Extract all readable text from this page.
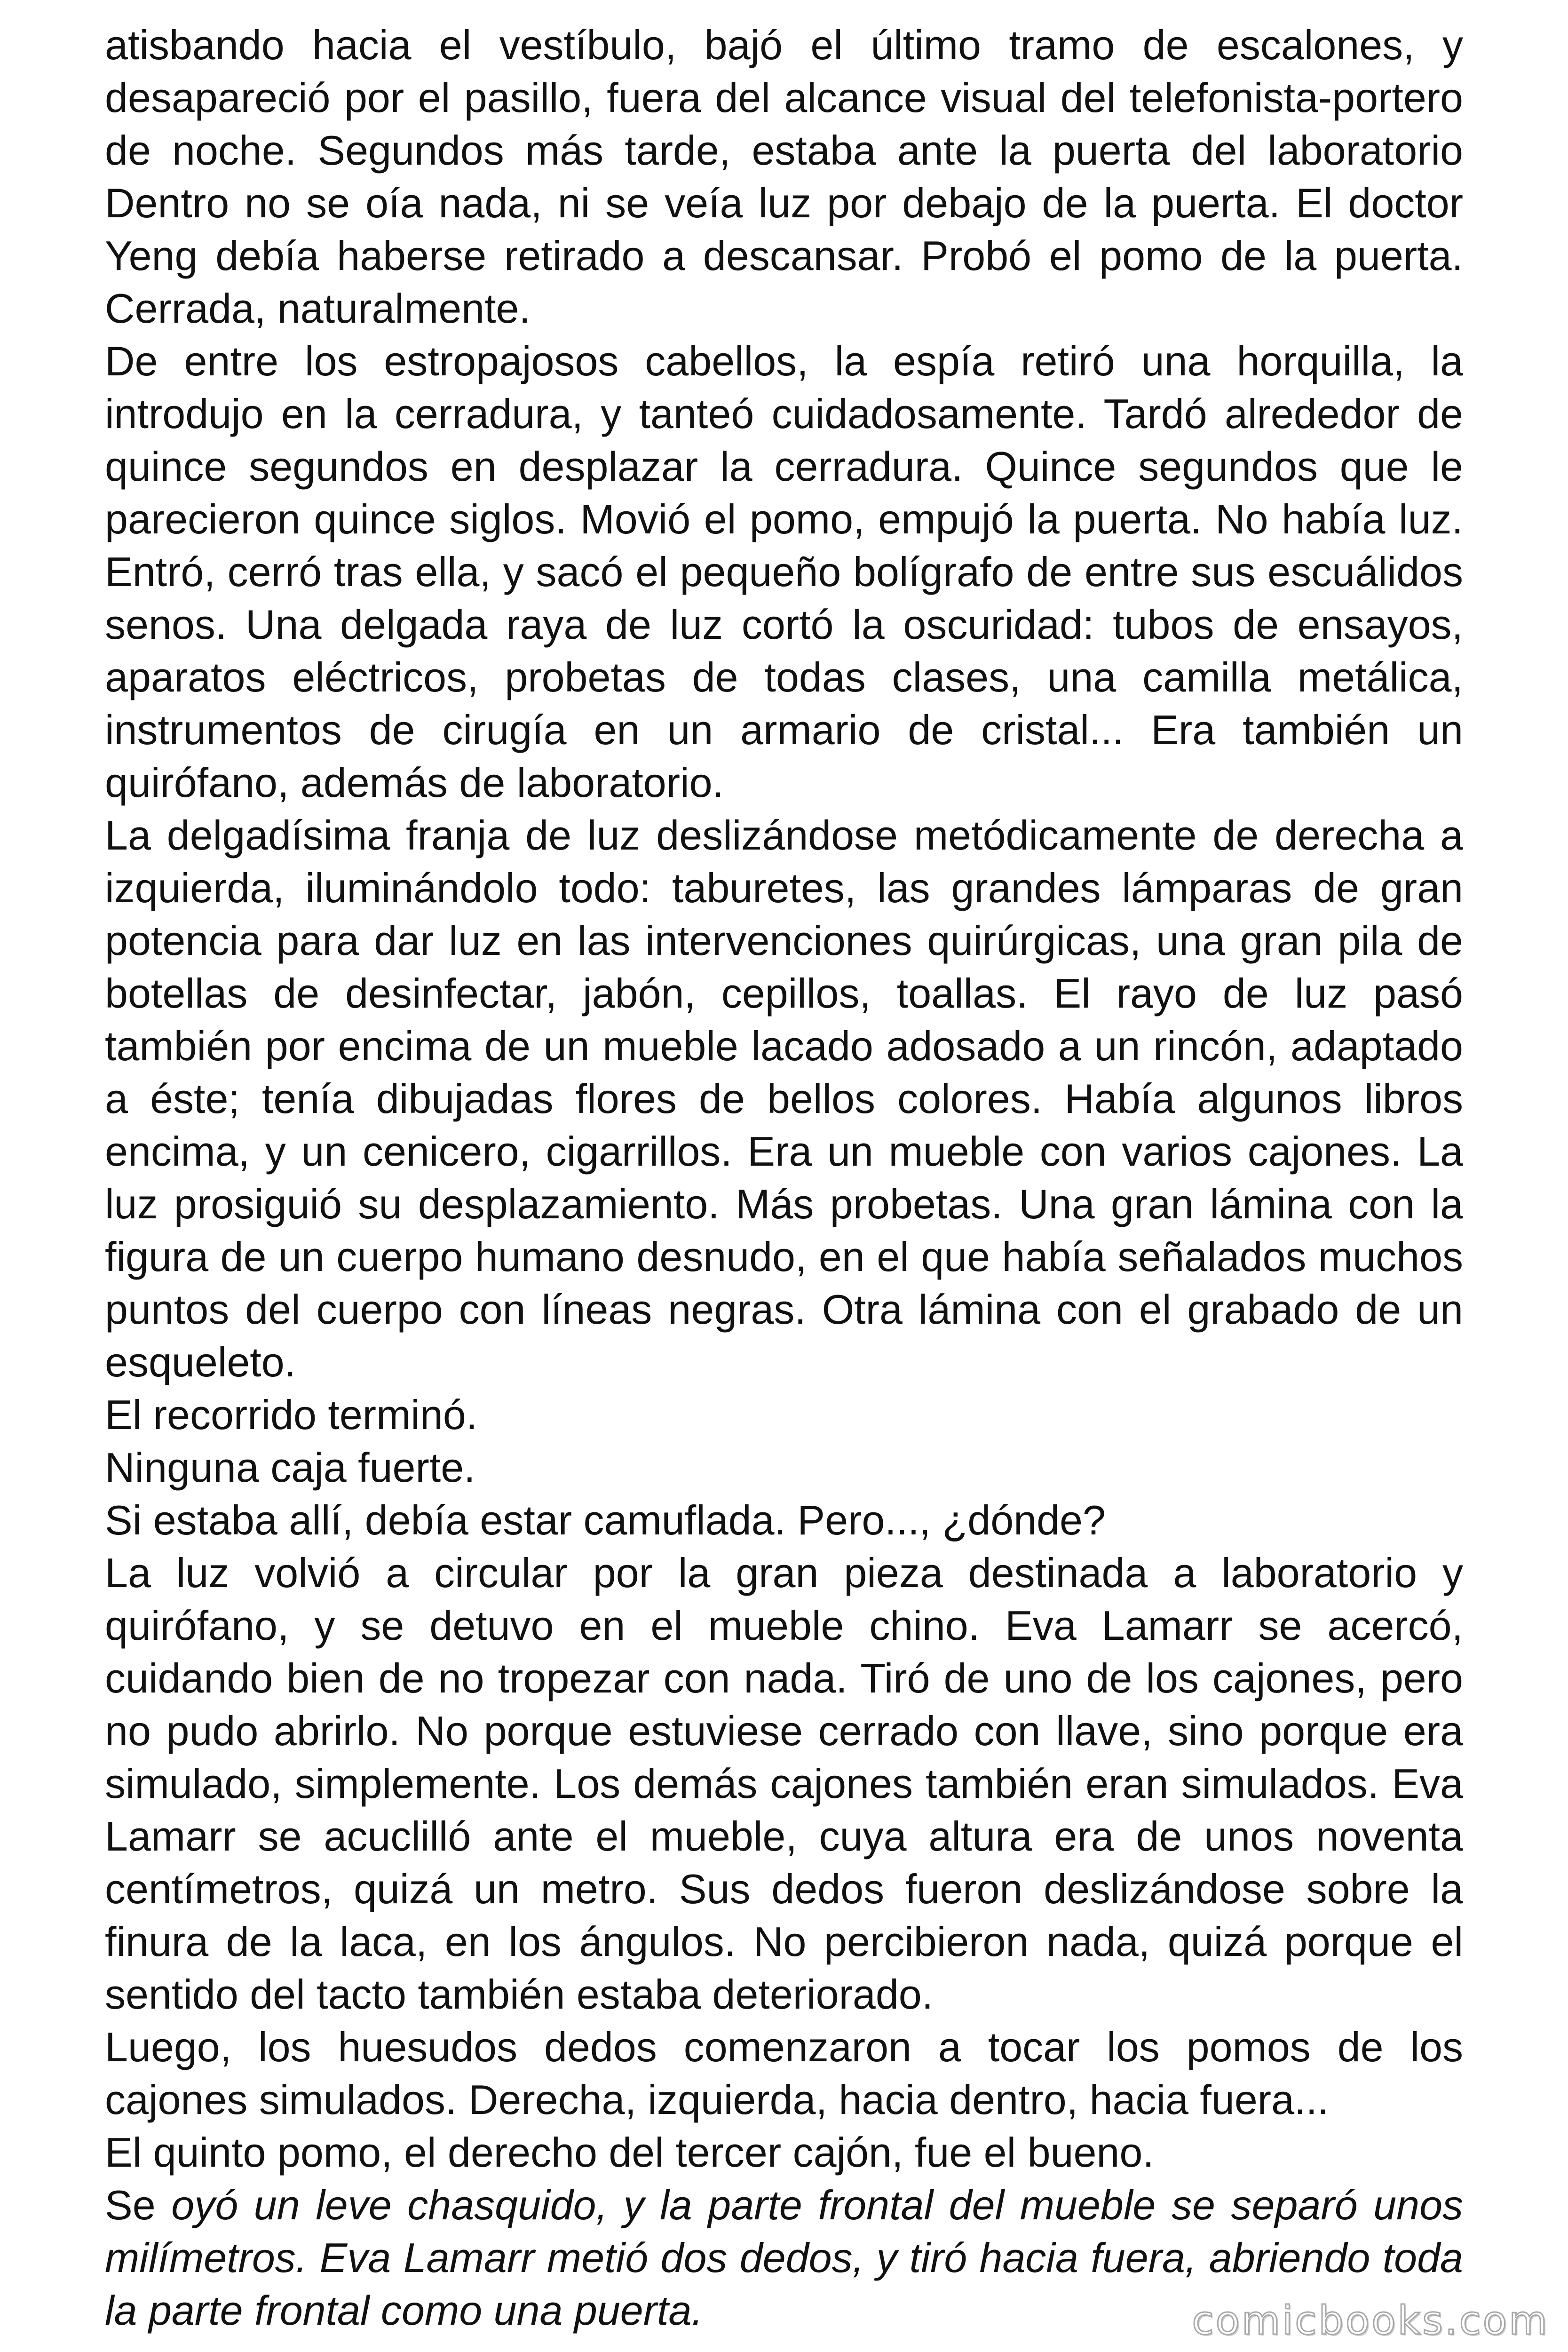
atisbando hacia el vestíbulo, bajó el último tramo de escalones, y desapareció por el pasillo, fuera del alcance visual del telefonista-portero de noche. Segundos más tarde, estaba ante la puerta del laboratorio Dentro no se oía nada, ni se veía luz por debajo de la puerta. El doctor Yeng debía haberse retirado a descansar. Probó el pomo de la puerta. Cerrada, naturalmente.

De entre los estropajosos cabellos, la espía retiró una horquilla, la introdujo en la cerradura, y tanteó cuidadosamente. Tardó alrededor de quince segundos en desplazar la cerradura. Quince segundos que le parecieron quince siglos. Movió el pomo, empujó la puerta. No había luz. Entró, cerró tras ella, y sacó el pequeño bolígrafo de entre sus escuálidos senos. Una delgada raya de luz cortó la oscuridad: tubos de ensayos, aparatos eléctricos, probetas de todas clases, una camilla metálica, instrumentos de cirugía en un armario de cristal... Era también un quirófano, además de laboratorio.

La delgadísima franja de luz deslizándose metódicamente de derecha a izquierda, iluminándolo todo: taburetes, las grandes lámparas de gran potencia para dar luz en las intervenciones quirúrgicas, una gran pila de botellas de desinfectar, jabón, cepillos, toallas. El rayo de luz pasó también por encima de un mueble lacado adosado a un rincón, adaptado a éste; tenía dibujadas flores de bellos colores. Había algunos libros encima, y un cenicero, cigarrillos. Era un mueble con varios cajones. La luz prosiguió su desplazamiento. Más probetas. Una gran lámina con la figura de un cuerpo humano desnudo, en el que había señalados muchos puntos del cuerpo con líneas negras. Otra lámina con el grabado de un esqueleto.

El recorrido terminó.

Ninguna caja fuerte.

Si estaba allí, debía estar camuflada. Pero..., ¿dónde?

La luz volvió a circular por la gran pieza destinada a laboratorio y quirófano, y se detuvo en el mueble chino. Eva Lamarr se acercó, cuidando bien de no tropezar con nada. Tiró de uno de los cajones, pero no pudo abrirlo. No porque estuviese cerrado con llave, sino porque era simulado, simplemente. Los demás cajones también eran simulados. Eva Lamarr se acuclilló ante el mueble, cuya altura era de unos noventa centímetros, quizá un metro. Sus dedos fueron deslizándose sobre la finura de la laca, en los ángulos. No percibieron nada, quizá porque el sentido del tacto también estaba deteriorado.

Luego, los huesudos dedos comenzaron a tocar los pomos de los cajones simulados. Derecha, izquierda, hacia dentro, hacia fuera...

El quinto pomo, el derecho del tercer cajón, fue el bueno.

Se oyó un leve chasquido, y la parte frontal del mueble se separó unos milímetros. Eva Lamarr metió dos dedos, y tiró hacia fuera, abriendo toda la parte frontal como una puerta.	comicbooks.com
